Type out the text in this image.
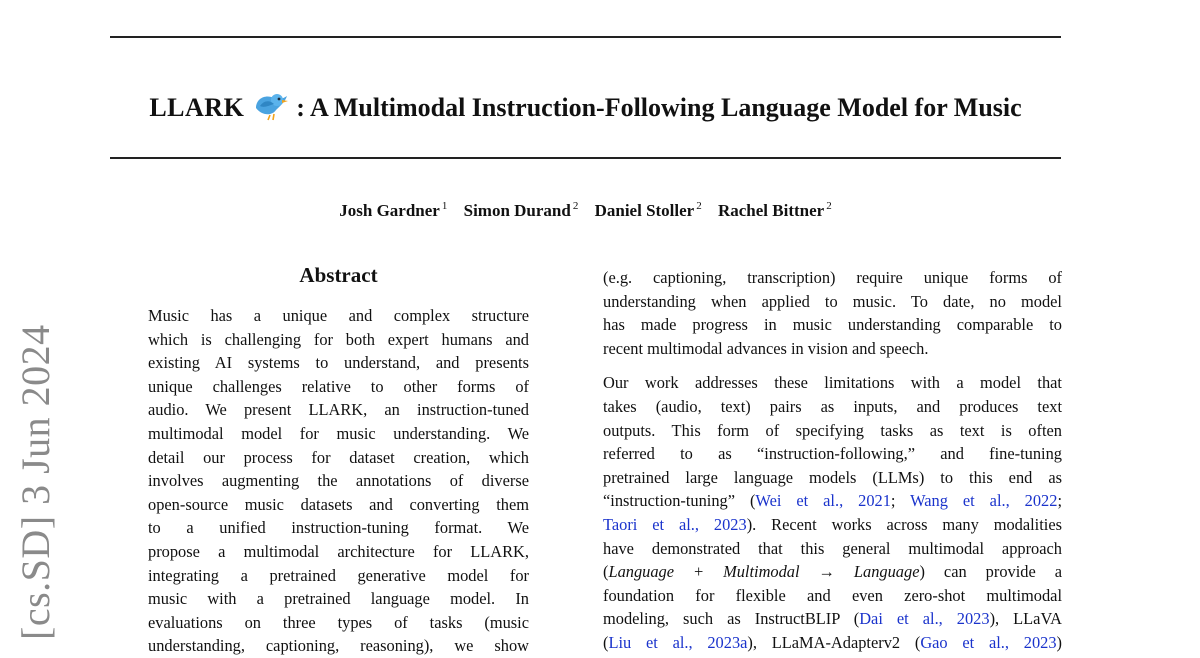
[cs.SD] 3 Jun 2024
LLARK : A Multimodal Instruction-Following Language Model for Music
Josh Gardner $^1$ Simon Durand $^2$ Daniel Stoller $^2$ Rachel Bittner $^2$
Abstract
Music has a unique and complex structure
which is challenging for both expert humans and
existing AI systems to understand, and presents
unique challenges relative to other forms of
audio. We present LLARK, an instruction-tuned
multimodal model for music understanding. We
detail our process for dataset creation, which
involves augmenting the annotations of diverse
open-source music datasets and converting them
to a unified instruction-tuning format. We
propose a multimodal architecture for LLARK,
integrating a pretrained generative model for
music with a pretrained language model. In
evaluations on three types of tasks (music
understanding, captioning, reasoning), we show

(e.g. captioning, transcription) require unique forms of
understanding when applied to music. To date, no model
has made progress in music understanding comparable to
recent multimodal advances in vision and speech.

Our work addresses these limitations with a model that
takes (audio, text) pairs as inputs, and produces text
outputs. This form of specifying tasks as text is often
referred to as “instruction-following,” and fine-tuning
pretrained large language models (LLMs) to this end as
“instruction-tuning” (Wei et al., 2021; Wang et al., 2022;
Taori et al., 2023). Recent works across many modalities
have demonstrated that this general multimodal approach
(Language + Multimodal → Language) can provide a
foundation for flexible and even zero-shot multimodal
modeling, such as InstructBLIP (Dai et al., 2023), LLaVA
(Liu et al., 2023a), LLaMA-Adapterv2 (Gao et al., 2023)
